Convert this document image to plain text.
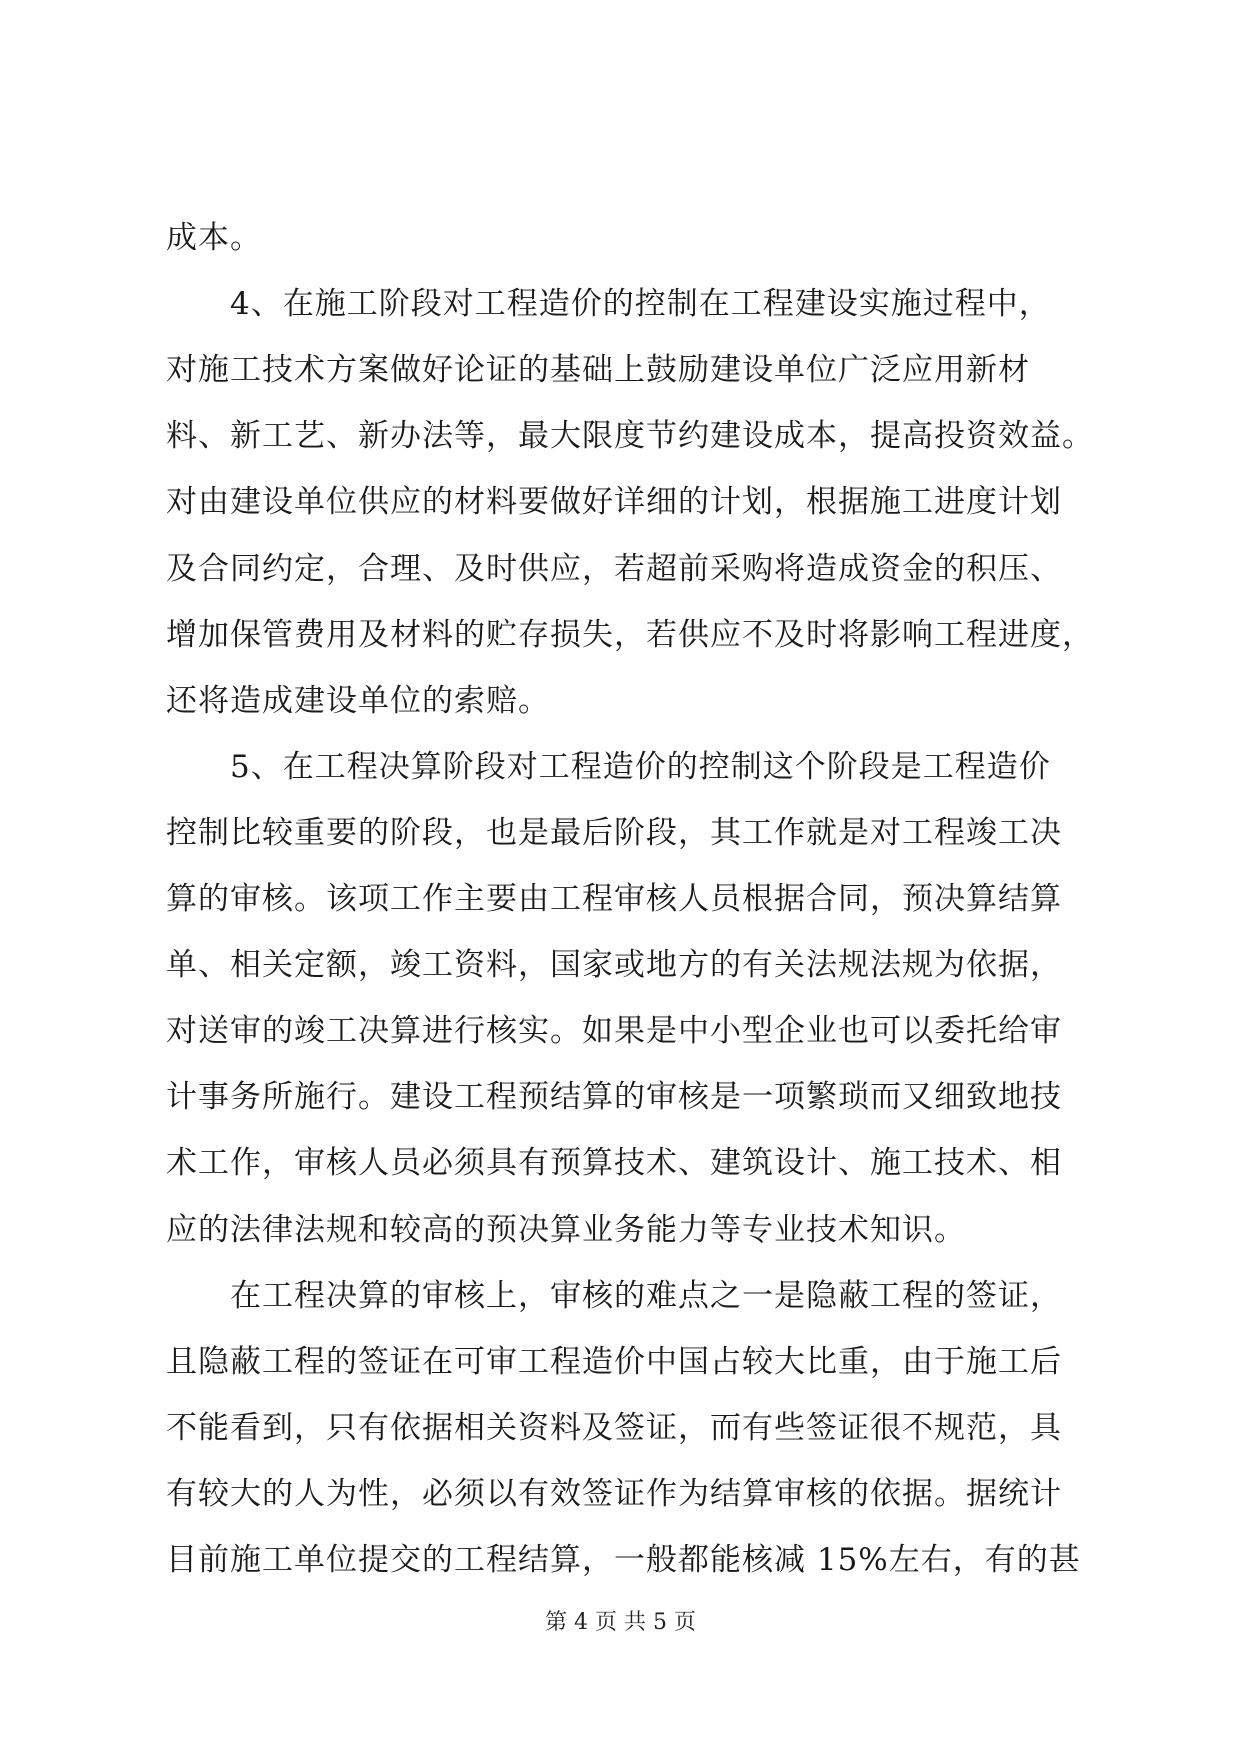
成本。
4、在施工阶段对工程造价的控制在工程建设实施过程中，
对施工技术方案做好论证的基础上鼓励建设单位广泛应用新材
料、新工艺、新办法等，最大限度节约建设成本，提高投资效益。
对由建设单位供应的材料要做好详细的计划，根据施工进度计划
及合同约定，合理、及时供应，若超前采购将造成资金的积压、
增加保管费用及材料的贮存损失，若供应不及时将影响工程进度，
还将造成建设单位的索赔。
5、在工程决算阶段对工程造价的控制这个阶段是工程造价
控制比较重要的阶段，也是最后阶段，其工作就是对工程竣工决
算的审核。该项工作主要由工程审核人员根据合同，预决算结算
单、相关定额，竣工资料，国家或地方的有关法规法规为依据，
对送审的竣工决算进行核实。如果是中小型企业也可以委托给审
计事务所施行。建设工程预结算的审核是一项繁琐而又细致地技
术工作，审核人员必须具有预算技术、建筑设计、施工技术、相
应的法律法规和较高的预决算业务能力等专业技术知识。
在工程决算的审核上，审核的难点之一是隐蔽工程的签证，
且隐蔽工程的签证在可审工程造价中国占较大比重，由于施工后
不能看到，只有依据相关资料及签证，而有些签证很不规范，具
有较大的人为性，必须以有效签证作为结算审核的依据。据统计
目前施工单位提交的工程结算，一般都能核减 15%左右，有的甚
第 4 页 共 5 页
